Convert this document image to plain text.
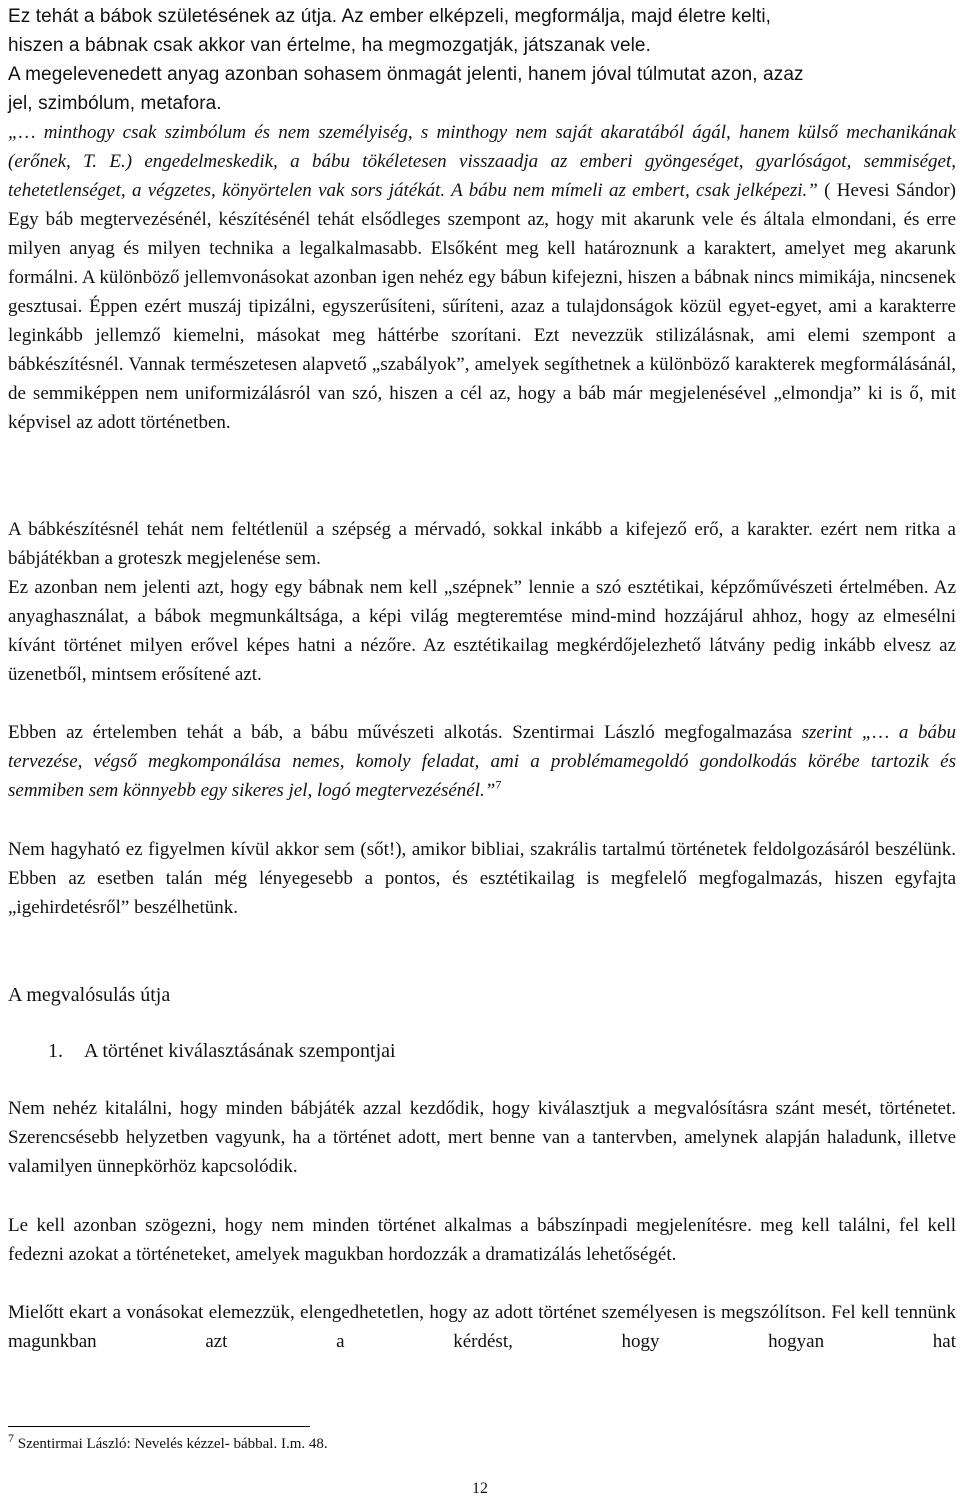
Ez tehát a bábok születésének az útja. Az ember elképzeli, megformálja, majd életre kelti,
hiszen a bábnak csak akkor van értelme, ha megmozgatják, játszanak vele.
A megelevenedett anyag azonban sohasem önmagát jelenti, hanem jóval túlmutat azon, azaz
jel, szimbólum, metafora.

„… minthogy csak szimbólum és nem személyiség, s minthogy nem saját akaratából ágál, hanem külső mechanikának (erőnek, T. E.) engedelmeskedik, a bábu tökéletesen visszaadja az emberi gyöngeséget, gyarlóságot, semmiséget, tehetetlenséget, a végzetes, könyörtelen vak sors játékát. A bábu nem mímeli az embert, csak jelképezi.” ( Hevesi Sándor) Egy báb megtervezésénél, készítésénél tehát elsődleges szempont az, hogy mit akarunk vele és általa elmondani, és erre milyen anyag és milyen technika a legalkalmasabb. Elsőként meg kell határoznunk a karaktert, amelyet meg akarunk formálni. A különböző jellemvonásokat azonban igen nehéz egy bábun kifejezni, hiszen a bábnak nincs mimikája, nincsenek gesztusai. Éppen ezért muszáj tipizálni, egyszerűsíteni, sűríteni, azaz a tulajdonságok közül egyet-egyet, ami a karakterre leginkább jellemző kiemelni, másokat meg háttérbe szorítani. Ezt nevezzük stilizálásnak, ami elemi szempont a bábkészítésnél. Vannak természetesen alapvető „szabályok”, amelyek segíthetnek a különböző karakterek megformálásánál, de semmiképpen nem uniformizálásról van szó, hiszen a cél az, hogy a báb már megjelenésével „elmondja” ki is ő, mit képvisel az adott történetben.

A bábkészítésnél tehát nem feltétlenül a szépség a mérvadó, sokkal inkább a kifejező erő, a karakter. ezért nem ritka a bábjátékban a groteszk megjelenése sem.

Ez azonban nem jelenti azt, hogy egy bábnak nem kell „szépnek” lennie a szó esztétikai, képzőművészeti értelmében. Az anyaghasználat, a bábok megmunkáltsága, a képi világ megteremtése mind-mind hozzájárul ahhoz, hogy az elmesélni kívánt történet milyen erővel képes hatni a nézőre. Az esztétikailag megkérdőjelezhető látvány pedig inkább elvesz az üzenetből, mintsem erősítené azt.

Ebben az értelemben tehát a báb, a bábu művészeti alkotás. Szentirmai László megfogalmazása szerint „… a bábu tervezése, végső megkomponálása nemes, komoly feladat, ami a problémamegoldó gondolkodás körébe tartozik és semmiben sem könnyebb egy sikeres jel, logó megtervezésénél.”$^7$

Nem hagyható ez figyelmen kívül akkor sem (sőt!), amikor bibliai, szakrális tartalmú történetek feldolgozásáról beszélünk. Ebben az esetben talán még lényegesebb a pontos, és esztétikailag is megfelelő megfogalmazás, hiszen egyfajta „igehirdetésről” beszélhetünk.

A megvalósulás útja

1. A történet kiválasztásának szempontjai

Nem nehéz kitalálni, hogy minden bábjáték azzal kezdődik, hogy kiválasztjuk a megvalósításra szánt mesét, történetet. Szerencsésebb helyzetben vagyunk, ha a történet adott, mert benne van a tantervben, amelynek alapján haladunk, illetve valamilyen ünnepkörhöz kapcsolódik.

Le kell azonban szögezni, hogy nem minden történet alkalmas a bábszínpadi megjelenítésre. meg kell találni, fel kell fedezni azokat a történeteket, amelyek magukban hordozzák a dramatizálás lehetőségét.

Mielőtt ekart a vonásokat elemezzük, elengedhetetlen, hogy az adott történet személyesen is megszólítson. Fel kell tennünk magunkban azt a kérdést, hogy hogyan hat

$^7$ Szentirmai László: Nevelés kézzel- bábbal. I.m. 48.

12
